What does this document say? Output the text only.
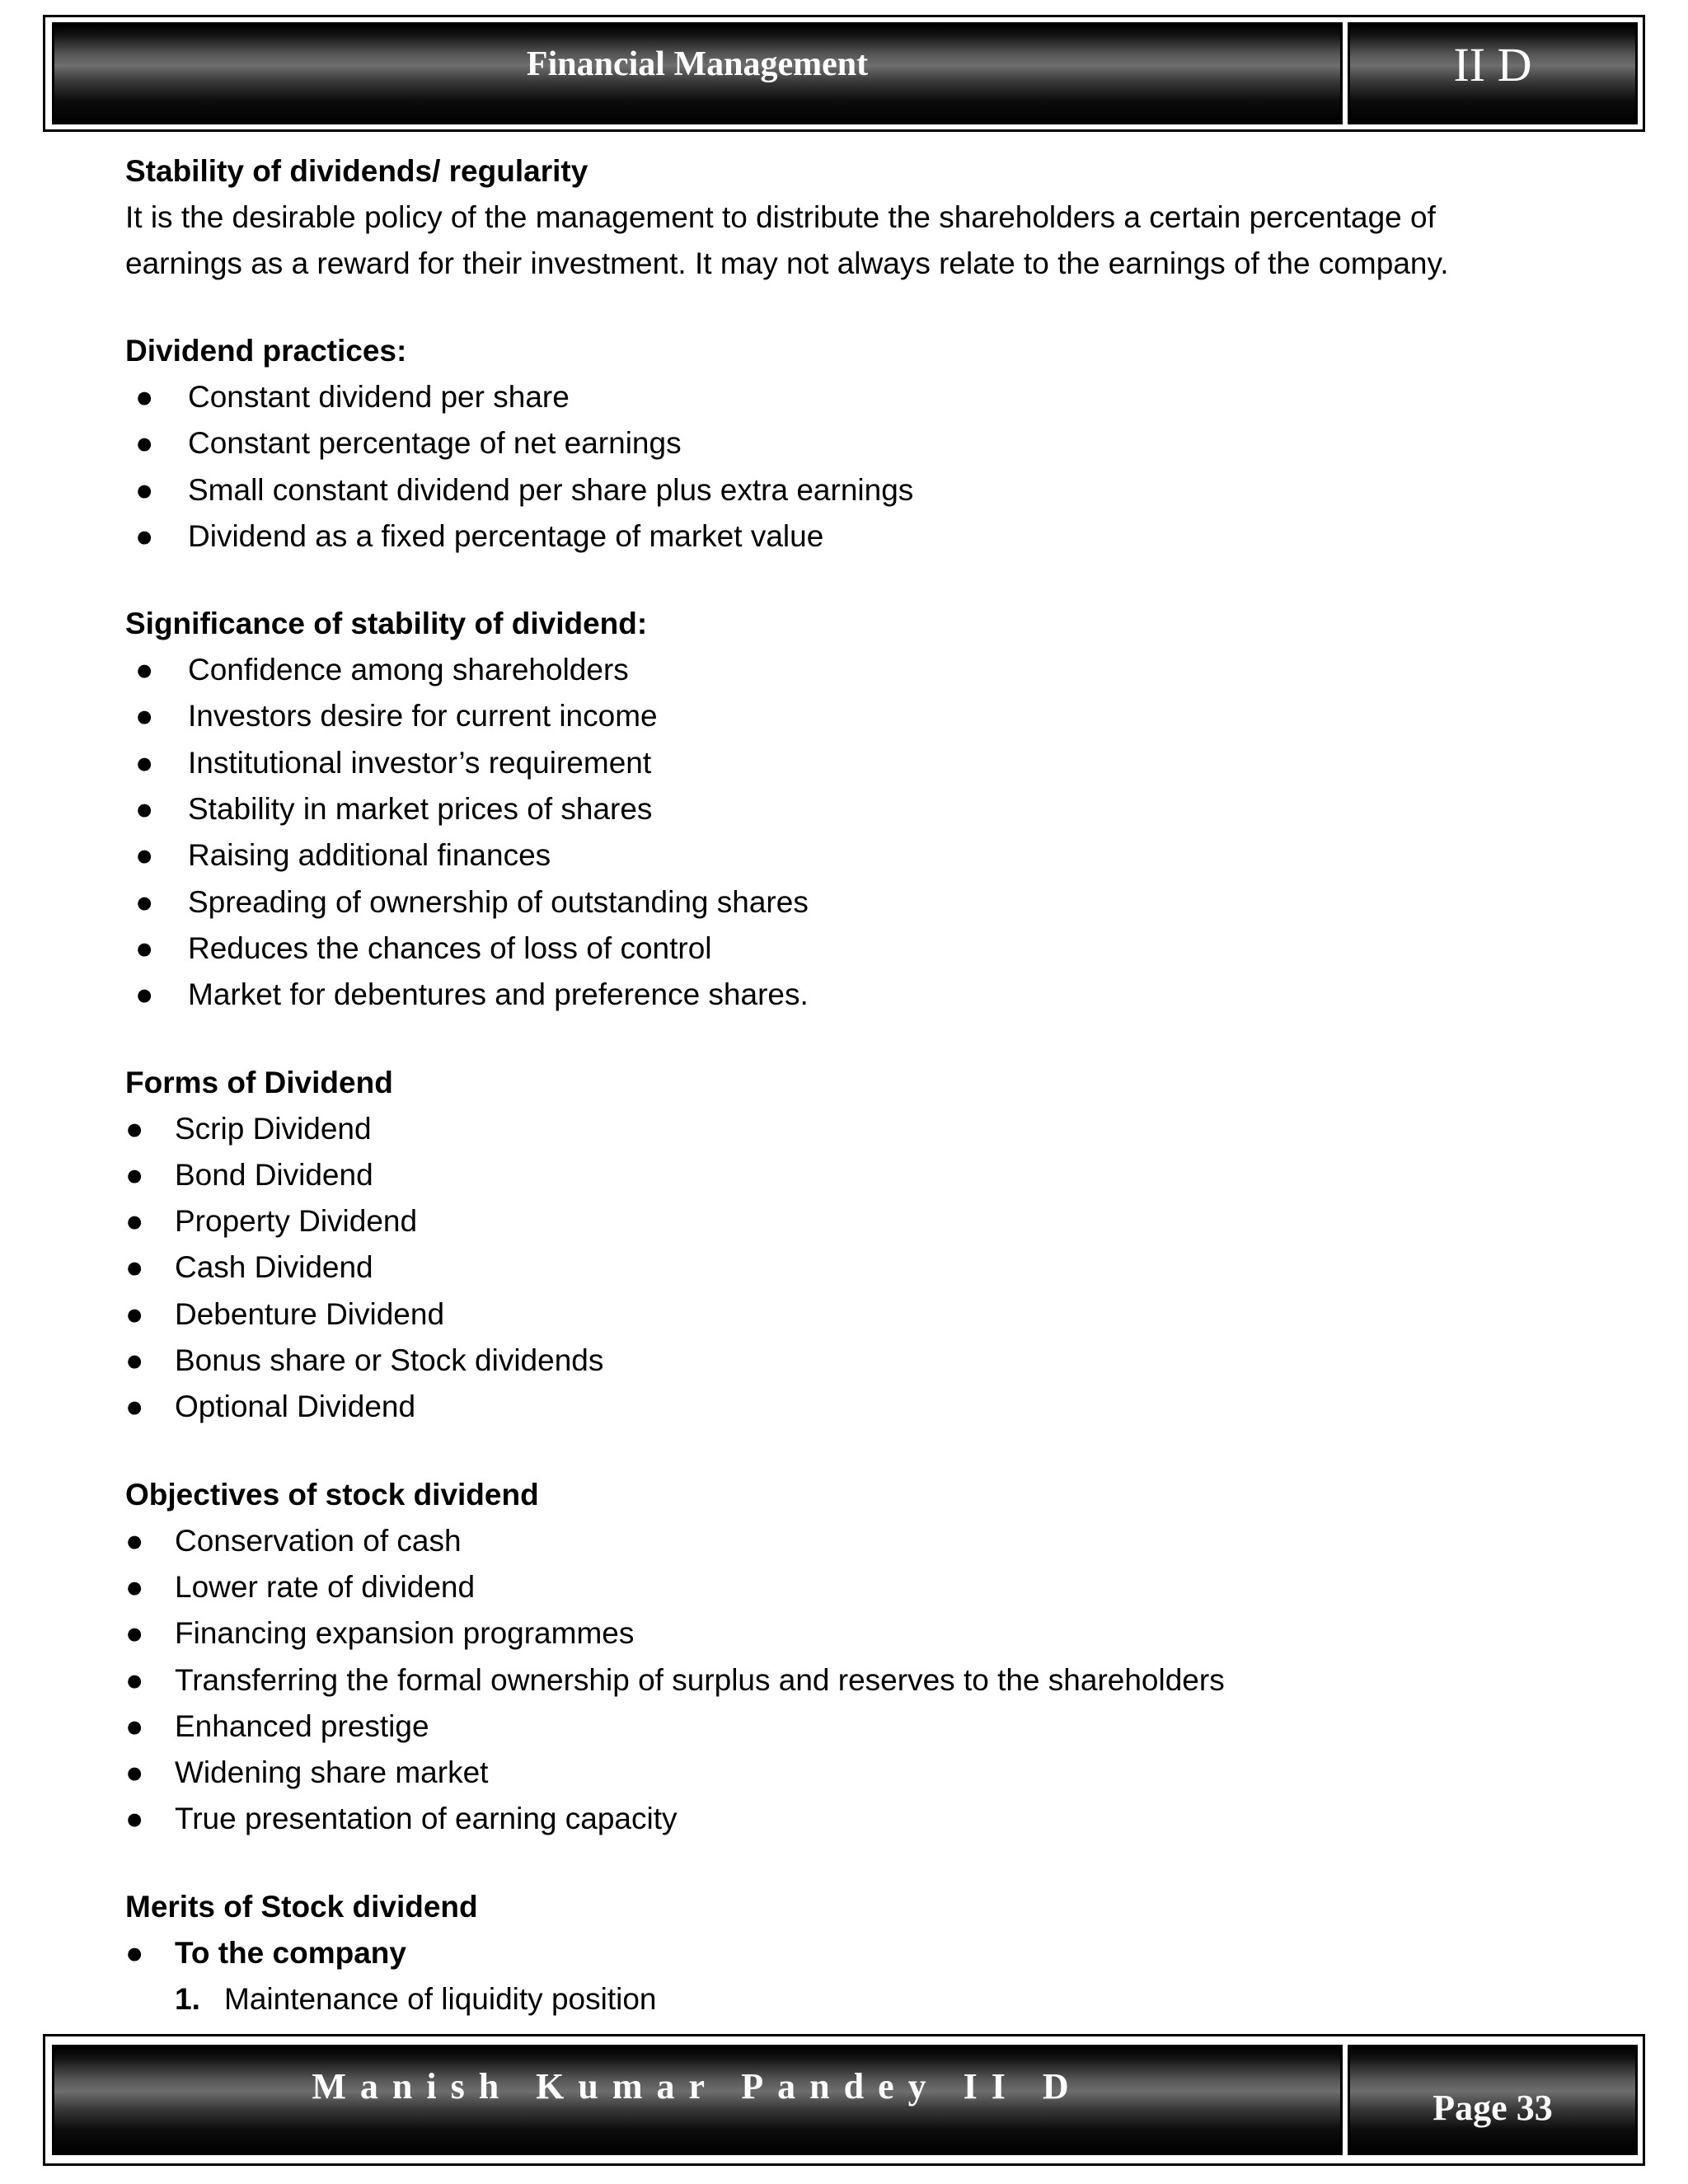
Financial Management	II D

Stability of dividends/ regularity

It is the desirable policy of the management to distribute the shareholders a certain percentage of

earnings as a reward for their investment. It may not always relate to the earnings of the company.

Dividend practices:

● Constant dividend per share
● Constant percentage of net earnings
● Small constant dividend per share plus extra earnings
● Dividend as a fixed percentage of market value

Significance of stability of dividend:

● Confidence among shareholders
● Investors desire for current income
● Institutional investor’s requirement
● Stability in market prices of shares
● Raising additional finances
● Spreading of ownership of outstanding shares
● Reduces the chances of loss of control
● Market for debentures and preference shares.

Forms of Dividend

● Scrip Dividend
● Bond Dividend
● Property Dividend
● Cash Dividend
● Debenture Dividend
● Bonus share or Stock dividends
● Optional Dividend

Objectives of stock dividend

● Conservation of cash
● Lower rate of dividend
● Financing expansion programmes
● Transferring the formal ownership of surplus and reserves to the shareholders
● Enhanced prestige
● Widening share market
● True presentation of earning capacity

Merits of Stock dividend

● To the company
1. Maintenance of liquidity position
Manish Kumar Pandey II D
Page 33
